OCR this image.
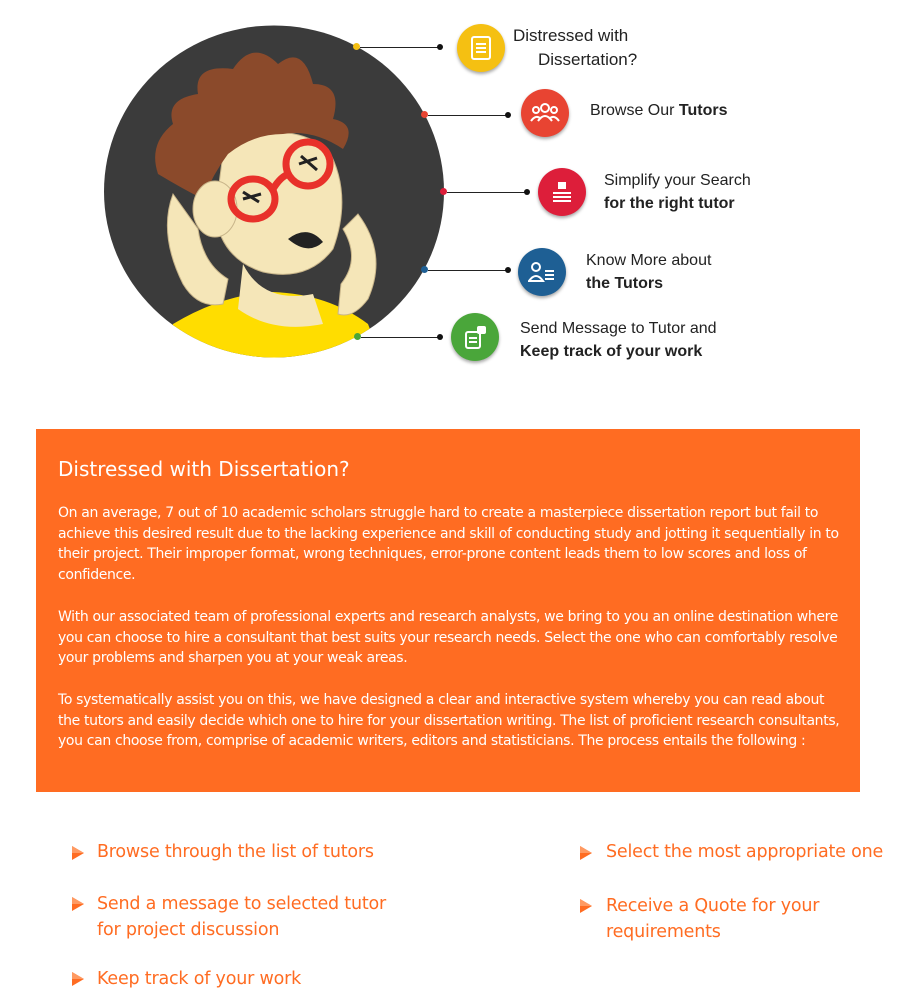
Distressed with
Dissertation?
Browse Our Tutors
Simplify your Search
for the right tutor
Know More about
the Tutors
Send Message to Tutor and
Keep track of your work
Distressed with Dissertation?

On an average, 7 out of 10 academic scholars struggle hard to create a masterpiece dissertation report but fail to achieve this desired result due to the lacking experience and skill of conducting study and jotting it sequentially in to their project. Their improper format, wrong techniques, error-prone content leads them to low scores and loss of confidence.

With our associated team of professional experts and research analysts, we bring to you an online destination where you can choose to hire a consultant that best suits your research needs. Select the one who can comfortably resolve your problems and sharpen you at your weak areas.

To systematically assist you on this, we have designed a clear and interactive system whereby you can read about the tutors and easily decide which one to hire for your dissertation writing. The list of proficient research consultants, you can choose from, comprise of academic writers, editors and statisticians. The process entails the following :

Browse through the list of tutors
Send a message to selected tutor
for project discussion
Keep track of your work
Select the most appropriate one
Receive a Quote for your
requirements
